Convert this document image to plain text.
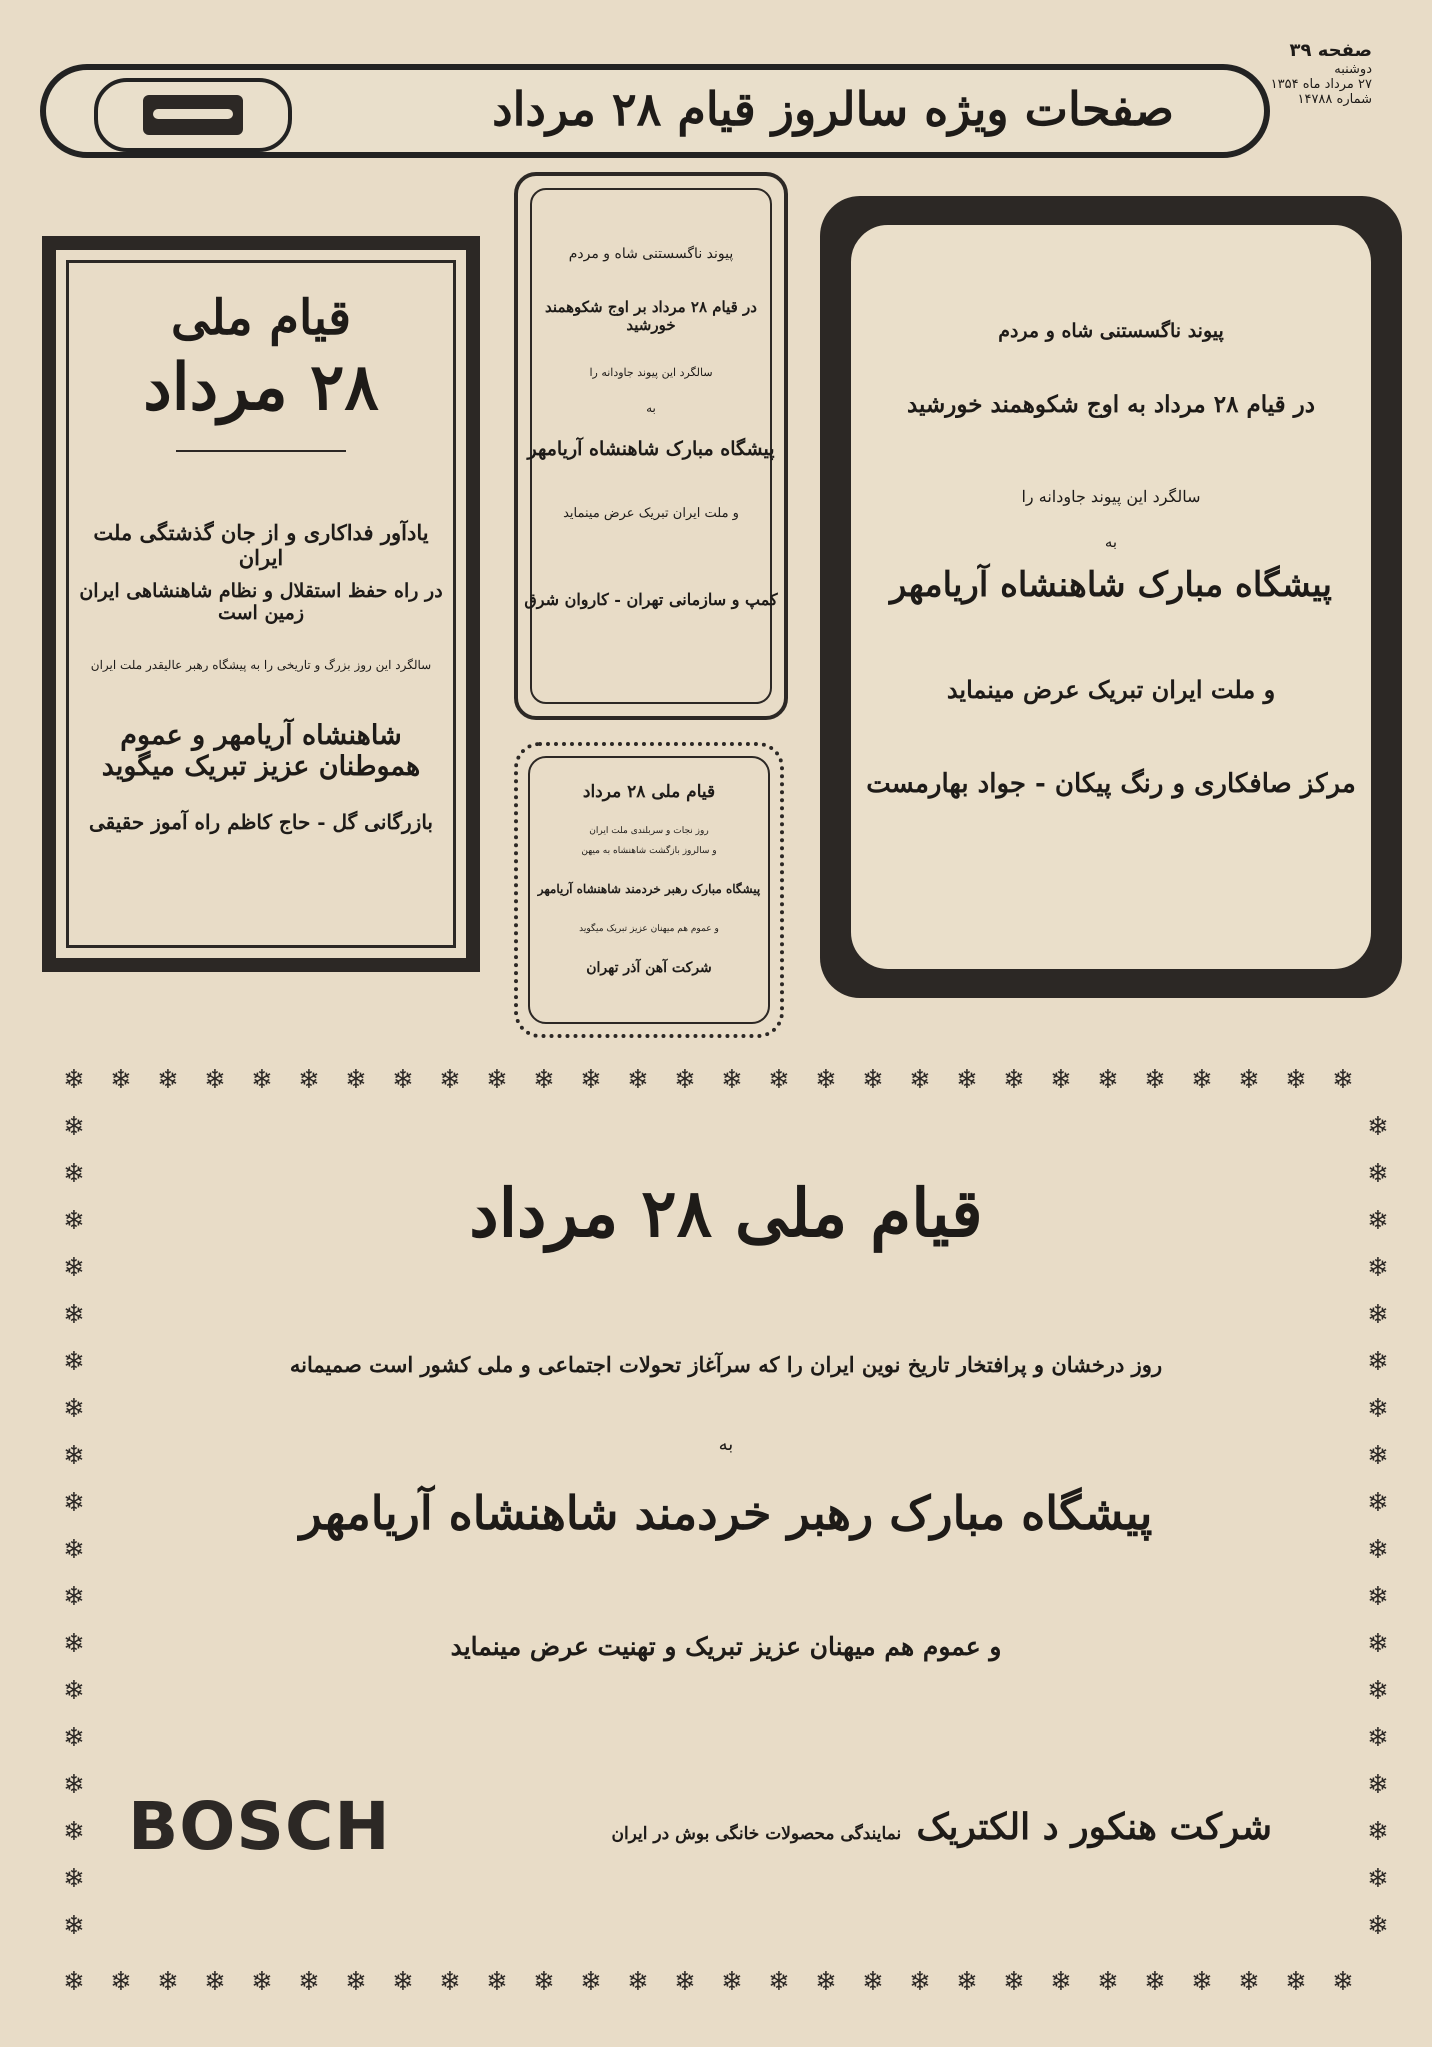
صفحه ۳۹
دوشنبه
۲۷ مرداد ماه ۱۳۵۴
شماره ۱۴۷۸۸
صفحات ویژه سالروز قیام ۲۸ مرداد
قیام ملی
۲۸ مرداد
یادآور فداکاری و از جان گذشتگی ملت ایران
در راه حفظ استقلال و نظام شاهنشاهی ایران زمین است
سالگرد این روز بزرگ و تاریخی را به پیشگاه رهبر عالیقدر ملت ایران
شاهنشاه آریامهر و عموم هموطنان عزیز تبریک میگوید
بازرگانی گل - حاج کاظم راه آموز حقیقی
پیوند ناگسستنی شاه و مردم
در قیام ۲۸ مرداد بر اوج شکوهمند خورشید
سالگرد این پیوند جاودانه را
به
پیشگاه مبارک شاهنشاه آریامهر
و ملت ایران تبریک عرض مینماید
کمپ و سازمانی تهران - کاروان شرق
قیام ملی ۲۸ مرداد
روز نجات و سربلندی ملت ایران
و سالروز بازگشت شاهنشاه به میهن
پیشگاه مبارک رهبر خردمند شاهنشاه آریامهر
و عموم هم میهنان عزیز تبریک میگوید
شرکت آهن آذر تهران
پیوند ناگسستنی شاه و مردم
در قیام ۲۸ مرداد به اوج شکوهمند خورشید
سالگرد این پیوند جاودانه را
به
پیشگاه مبارک شاهنشاه آریامهر
و ملت ایران تبریک عرض مینماید
مرکز صافکاری و رنگ پیکان - جواد بهارمست
❄
❄
❄
❄
❄
❄
❄
❄
❄
❄
❄
❄
❄
❄
❄
❄
❄
❄
❄
❄
❄
❄
❄
❄
❄
❄
❄
❄
❄
❄
❄
❄
❄
❄
❄
❄
❄
❄
❄
❄
❄
❄
❄
❄
❄
❄
❄
❄
❄
❄
❄
❄
❄
❄
❄
❄
❄	❄
❄	❄
❄	❄
❄	❄
❄	❄
❄	❄
❄	❄
❄	❄
❄	❄
❄	❄
❄	❄
❄	❄
❄	❄
❄	❄
❄	❄
❄	❄
❄	❄
❄	❄
قیام ملی ۲۸ مرداد
روز درخشان و پرافتخار تاریخ نوین ایران را که سرآغاز تحولات اجتماعی و ملی کشور است صمیمانه
به
پیشگاه مبارک رهبر خردمند شاهنشاه آریامهر
و عموم هم میهنان عزیز تبریک و تهنیت عرض مینماید
شرکت هنکور د الکتریک نمایندگی محصولات خانگی بوش در ایران
BOSCH
